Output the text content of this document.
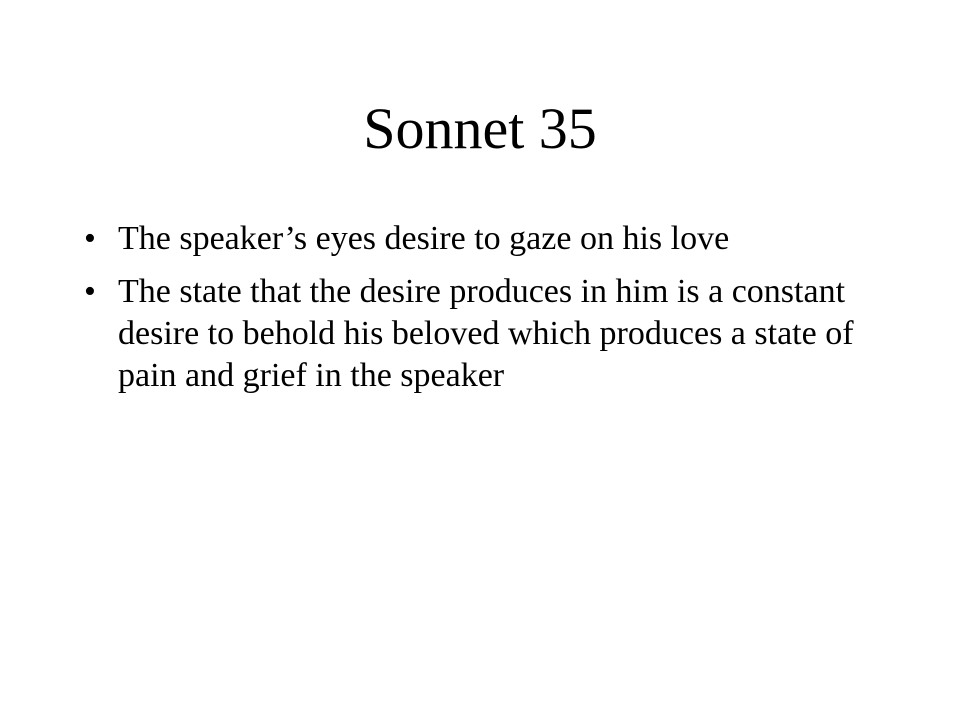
Sonnet 35
• The speaker’s eyes desire to gaze on his love
• The state that the desire produces in him is a constant desire to behold his beloved which produces a state of pain and grief in the speaker
